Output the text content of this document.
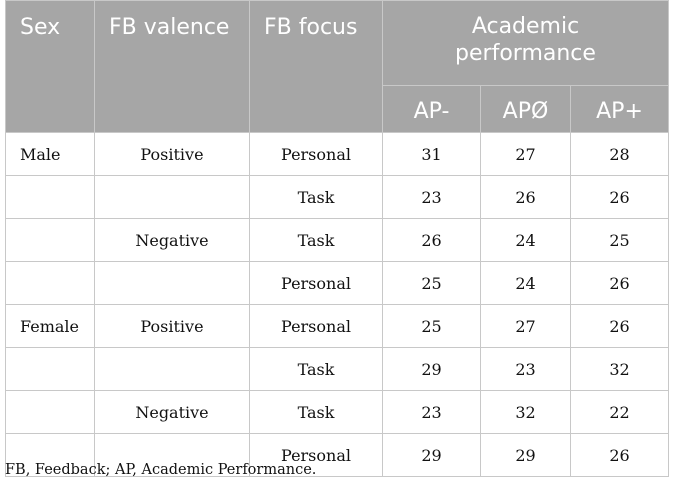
Sex	FB valence	FB focus	Academic
performance		
			AP-	APØ	AP+
Male	Positive	Personal	31	27	28
		Task	23	26	26
	Negative	Task	26	24	25
		Personal	25	24	26
Female	Positive	Personal	25	27	26
		Task	29	23	32
	Negative	Task	23	32	22
		Personal	29	29	26
FB, Feedback; AP, Academic Performance.
